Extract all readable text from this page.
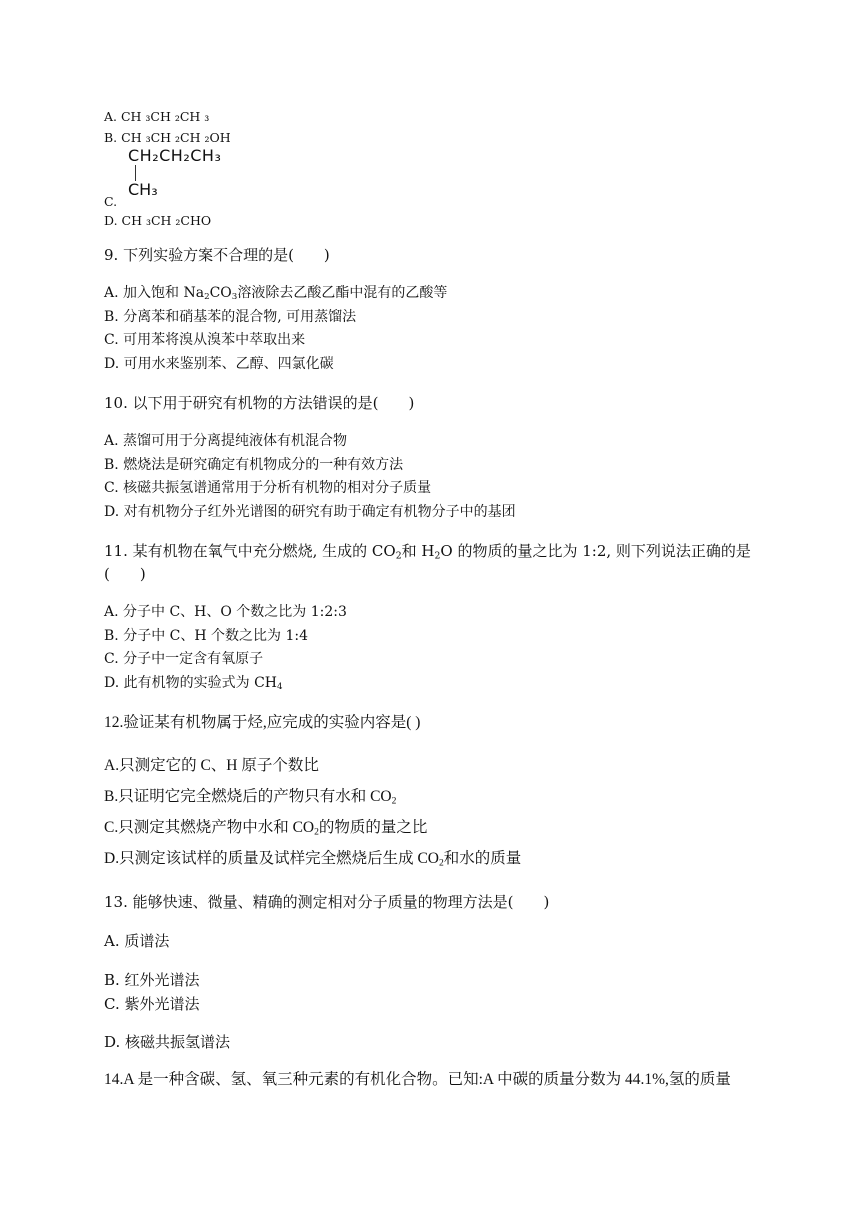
A. CH ₃CH ₂CH ₃
B. CH ₃CH ₂CH ₂OH
CH₂CH₂CH₃
CH₃
C.
D. CH ₃CH ₂CHO
9. 下列实验方案不合理的是(　　)
A. 加入饱和 $Na_2CO_3$溶液除去乙酸乙酯中混有的乙酸等
B. 分离苯和硝基苯的混合物, 可用蒸馏法
C. 可用苯将溴从溴苯中萃取出来
D. 可用水来鉴别苯、乙醇、四氯化碳
10. 以下用于研究有机物的方法错误的是(　　)
A. 蒸馏可用于分离提纯液体有机混合物
B. 燃烧法是研究确定有机物成分的一种有效方法
C. 核磁共振氢谱通常用于分析有机物的相对分子质量
D. 对有机物分子红外光谱图的研究有助于确定有机物分子中的基团
11. 某有机物在氧气中充分燃烧, 生成的 $CO_2$和 $H_2O$ 的物质的量之比为 1:2, 则下列说法正确的是
(　　)
A. 分子中 C、H、O 个数之比为 1:2:3
B. 分子中 C、H 个数之比为 1:4
C. 分子中一定含有氧原子
D. 此有机物的实验式为 $CH_4$
12.验证某有机物属于烃,应完成的实验内容是( )
A.只测定它的 C、H 原子个数比
B.只证明它完全燃烧后的产物只有水和 $CO_2$
C.只测定其燃烧产物中水和 $CO_2$的物质的量之比
D.只测定该试样的质量及试样完全燃烧后生成 $CO_2$和水的质量
13. 能够快速、微量、精确的测定相对分子质量的物理方法是(　　)
A. 质谱法
B. 红外光谱法
C. 紫外光谱法
D. 核磁共振氢谱法
14.A 是一种含碳、氢、氧三种元素的有机化合物。已知:A 中碳的质量分数为 44.1%,氢的质量
